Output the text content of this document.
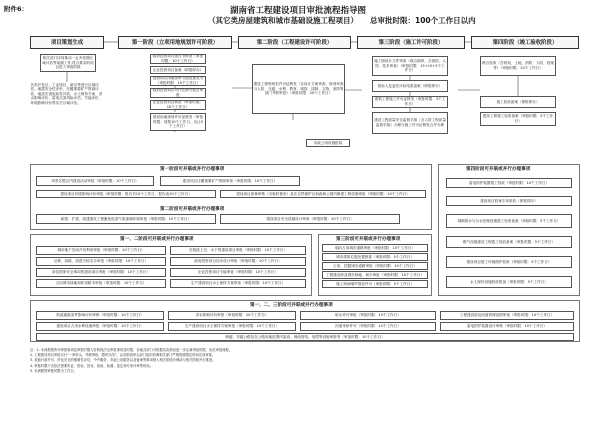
附件6：	湖南省工程建设项目审批流程指导图
（其它类房屋建筑和城市基础设施工程项目） 总审批时限：100个工作日以内
项目策划生成	第一阶段（立项用地规划许可阶段）	第二阶段（工程建设许可阶段）	第三阶段（施工许可阶段）	第四阶段（竣工验收阶段）
相关部门协同推动一会多张图区域评估等前期工作,符合要求的项目进入审批阶段
各类开发区、工业园区、新区等进行区域评估。地震安全性评价、压覆重要矿产资源评估、地质灾害危险性评估、水土保持方案、洪水影响评价、雷电灾害风险评估、节能评价、环境影响评价等实行区域评估。
政府投资项目建议书审批（审批时限：10个工作日）
企业投资项目备案（即报即办）
建设项目用地预审与选址意见书（审批时限：10个工作日）
政府投资项目可行性研究报告审批
企业投资项目核准（审批时限：10个工作日）
建设用地规划许可证核发（审批时限：划拨10个工作日，出让5个工作日）
建设工程规划类许可证核发（含设计方案审查，规划审查与人防、交通、水利、教育、城管、园林、文物、消防等部门并联审批）（审批时限：20个工作日）
市政公用设施报装
施工图设计文件审查（联合图审，含消防、人防、技术审查）（审批时限：15+15+5个工作日）
招标人及委托评标结果备案（即报即办）
建筑工程施工许可证核发（审批时限：3个工作日）
建设工程质量安全监督手续（含人防工程质量监督手续）办理与施工许可证核发合并办理
联合验收（含规划、土地、消防、人防、档案等）（审批时限：10个工作日）
竣工验收备案（即报即办）
建设工程竣工验收备案（审批时限：5个工作日）
第一阶段可并联或并行办理事项
风景名胜区内建设活动审批（审批时限：10个工作日）	建设项目压覆重要矿产资源审批（审批时限：10个工作日）
建设项目环境影响评价审批（审批时限：报告书15个工作日，报告表10个工作日）	建设项目涉林审核（含临时使用）及在自然保护区和森林公园内修建工程设施审批（审批时限：10个工作日）
第二阶段可并联或并行办理事项
新建、扩建、改建建设工程避免危害气象探测环境审批（审批时限：10个工作日）	建设项目安全设施设计审查（审批时限：10个工作日）
第一、二阶段可并联或并行办理事项
城市地下空间开发利用审批（审批时限：10个工作日）
迁移、拆除、改建古树名木审批（审批时限：10个工作日）
涉及国家安全事项的建设项目审批（审批时限：10个工作日）
占用城市绿地和砍伐树木审批（审批时限：10个工作日）
在航道上空、水下的建设项目审批（审批时限：10个工作日）
政府投资项目初步设计审批（审批时限：10个工作日）
企业投资项目节能审查（审批时限：10个工作日）
生产建设项目水土保持方案审批（审批时限：10个工作日）
第三阶段可并联或并行办理事项
临时占用城市道路审批（审批时限：10个工作日）
城市建筑垃圾处置核准（审批时限：5个工作日）
占用、挖掘城市道路审批（审批时限：10个工作日）
工程建设涉及城市绿地、树木审批（审批时限：10个工作日）
施工现场噪声排放许可（审批时限：5个工作日）
第四阶段可并联或并行办理事项
雷电防护装置竣工验收（审批时限：10个工作日）
建设项目档案专项验收（即报即办）
城镇排水与污水处理设施竣工验收备案（审批时限：5个工作日）
燃气设施建设工程竣工验收备案（审批时限：5个工作日）
建设项目竣工环境保护验收（审批时限：5个工作日）
水土保持设施验收报备（审批时限：5个工作日）
第一、二、三阶段可并联或并行办理事项
航道通航条件影响评价审核（审批时限：10个工作日）	洪水影响评价审批（审批时限：10个工作日）	取水许可审批（审批时限：10个工作日）	工程建设涉及河道管理范围审批（审批时限：10个工作日）
建设项目占用水利设施审批（审批时限：10个工作日）	生产建设项目水土保持方案审批（审批时限：10个工作日）	河道采砂许可（审批时限：10个工作日）	雷电防护装置设计审核（审批时限：10个工作日）
跨越、穿越公路及在公路用地范围内架设、埋设管线、电缆等设施审批等（审批时限：10个工作日）
注：1. 本流程图所列审批事项及审批时限为各阶段法定审批事项及时限，各地各部门可根据实际情况进一步压减审批时限，优化审批流程。
2. 工程建设项目审批实行"一家牵头、并联审批、限时办结"，由各阶段牵头部门组织协调相关部门严格按照限定时间完成审批。
3. 其他行政许可、涉及安全的强制性评估、中介服务、市政公用服务以及备案等事项纳入相关阶段办理或与相关阶段并行推进。
4. 审批时限不含依法需要听证、招标、拍卖、检验、检测、鉴定和专家评审等时间。
5. 本流程图审批时限为工作日。
